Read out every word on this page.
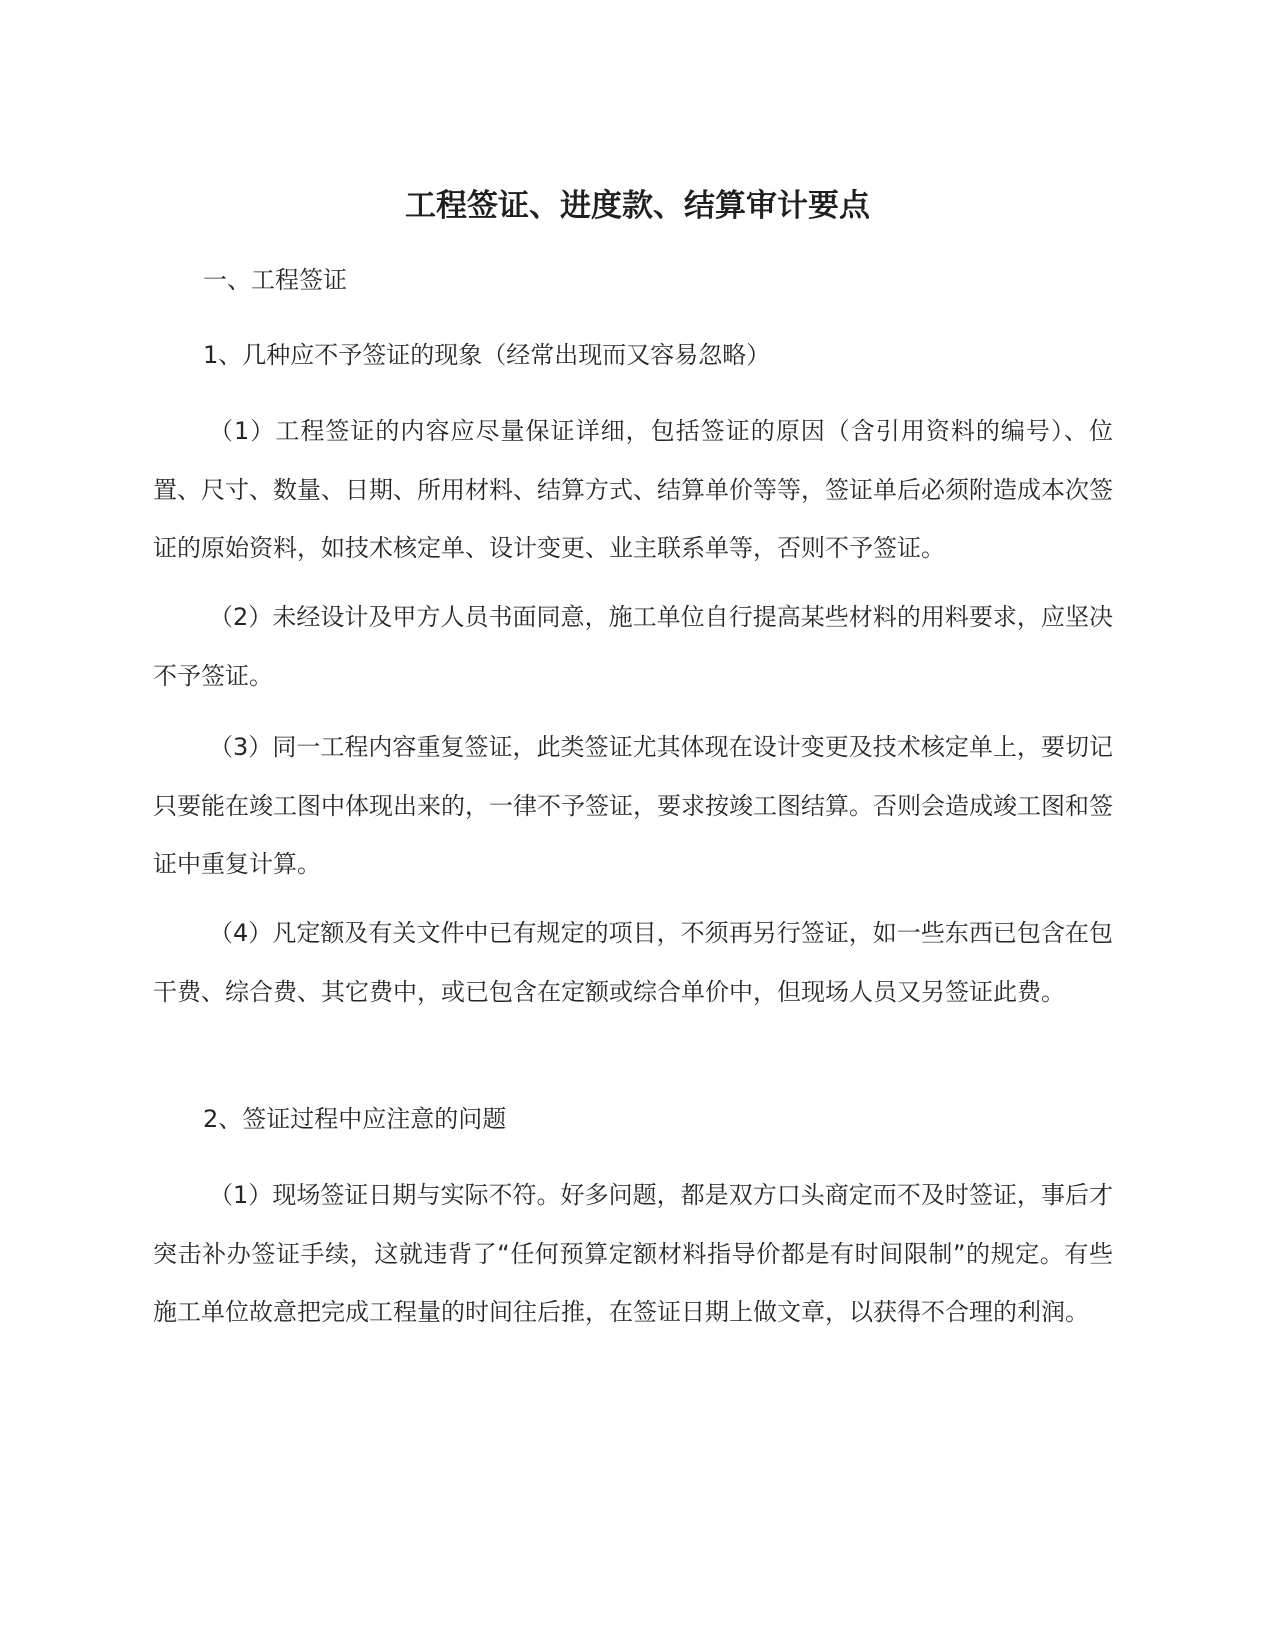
工程签证、进度款、结算审计要点
一、工程签证
1、几种应不予签证的现象（经常出现而又容易忽略）
（1）工程签证的内容应尽量保证详细，包括签证的原因（含引用资料的编号）、位置、尺寸、数量、日期、所用材料、结算方式、结算单价等等，签证单后必须附造成本次签证的原始资料，如技术核定单、设计变更、业主联系单等，否则不予签证。
（2）未经设计及甲方人员书面同意，施工单位自行提高某些材料的用料要求，应坚决不予签证。
（3）同一工程内容重复签证，此类签证尤其体现在设计变更及技术核定单上，要切记只要能在竣工图中体现出来的，一律不予签证，要求按竣工图结算。否则会造成竣工图和签证中重复计算。
（4）凡定额及有关文件中已有规定的项目，不须再另行签证，如一些东西已包含在包干费、综合费、其它费中，或已包含在定额或综合单价中，但现场人员又另签证此费。
2、签证过程中应注意的问题
（1）现场签证日期与实际不符。好多问题，都是双方口头商定而不及时签证，事后才突击补办签证手续，这就违背了“任何预算定额材料指导价都是有时间限制”的规定。有些施工单位故意把完成工程量的时间往后推，在签证日期上做文章，以获得不合理的利润。
